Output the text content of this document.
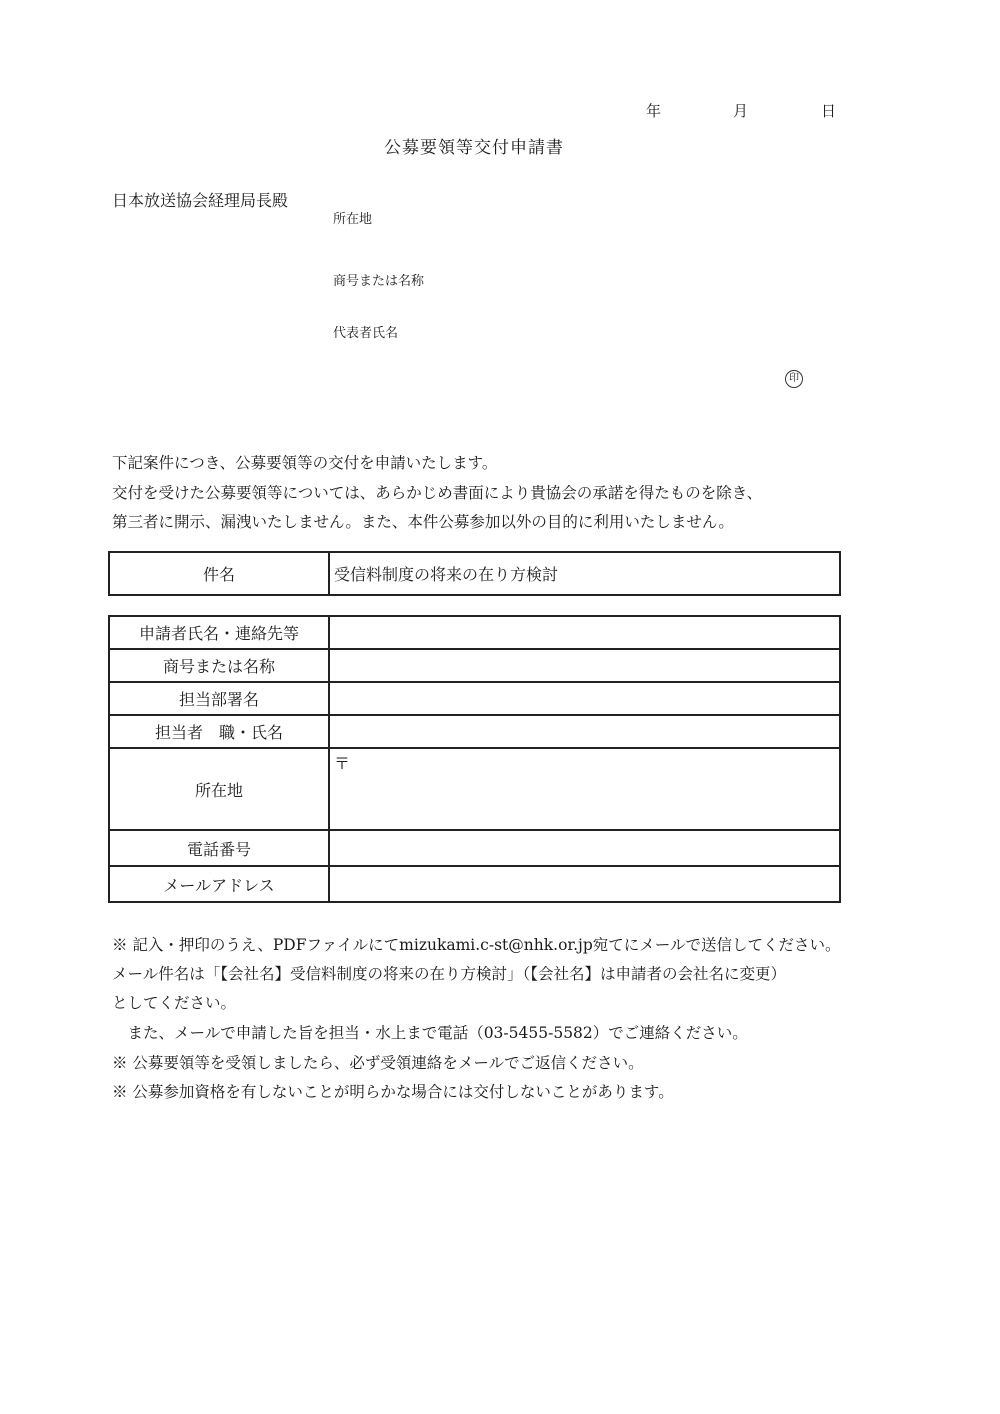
年	月	日
公募要領等交付申請書
日本放送協会経理局長殿
所在地
商号または名称
代表者氏名
印
下記案件につき、公募要領等の交付を申請いたします。
交付を受けた公募要領等については、あらかじめ書面により貴協会の承諾を得たものを除き、
第三者に開示、漏洩いたしません。また、本件公募参加以外の目的に利用いたしません。
件名	受信料制度の将来の在り方検討
申請者氏名・連絡先等	
商号または名称	
担当部署名	
担当者　職・氏名	
所在地	〒
電話番号	
メールアドレス	
※ 記入・押印のうえ、PDFファイルにてmizukami.c-st@nhk.or.jp宛てにメールで送信してください。
メール件名は「【会社名】受信料制度の将来の在り方検討」（【会社名】は申請者の会社名に変更）
としてください。
　また、メールで申請した旨を担当・水上まで電話（03-5455-5582）でご連絡ください。
※ 公募要領等を受領しましたら、必ず受領連絡をメールでご返信ください。
※ 公募参加資格を有しないことが明らかな場合には交付しないことがあります。
